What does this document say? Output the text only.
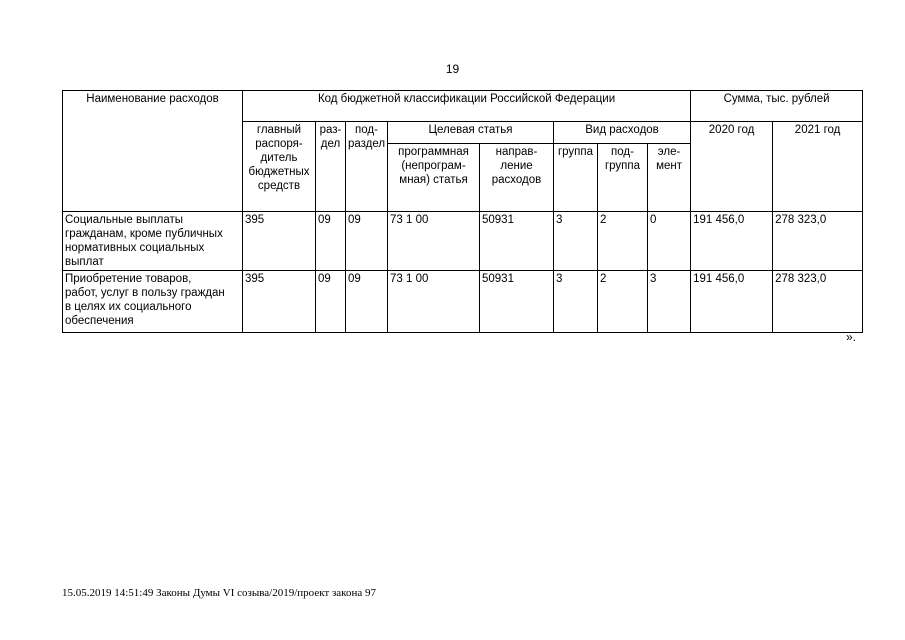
19
Наименование расходов	Код бюджетной классификации Российской Федерации								Сумма, тыс. рублей	
	главный распоря-дитель бюджетных средств	раз-дел	под-раздел	Целевая статья		Вид расходов			2020 год	2021 год
				программная (непрограм-мная) статья	направ-ление расходов	группа	под-группа	эле-мент		

Социальные выплаты
гражданам, кроме публичных
нормативных социальных
выплат	395	09	09	73 1 00	50931	3	2	0	191 456,0	278 323,0

Приобретение товаров,
работ, услуг в пользу граждан
в целях их социального
обеспечения	395	09	09	73 1 00	50931	3	2	3	191 456,0	278 323,0
».
15.05.2019 14:51:49 Законы Думы VI созыва/2019/проект закона 97
